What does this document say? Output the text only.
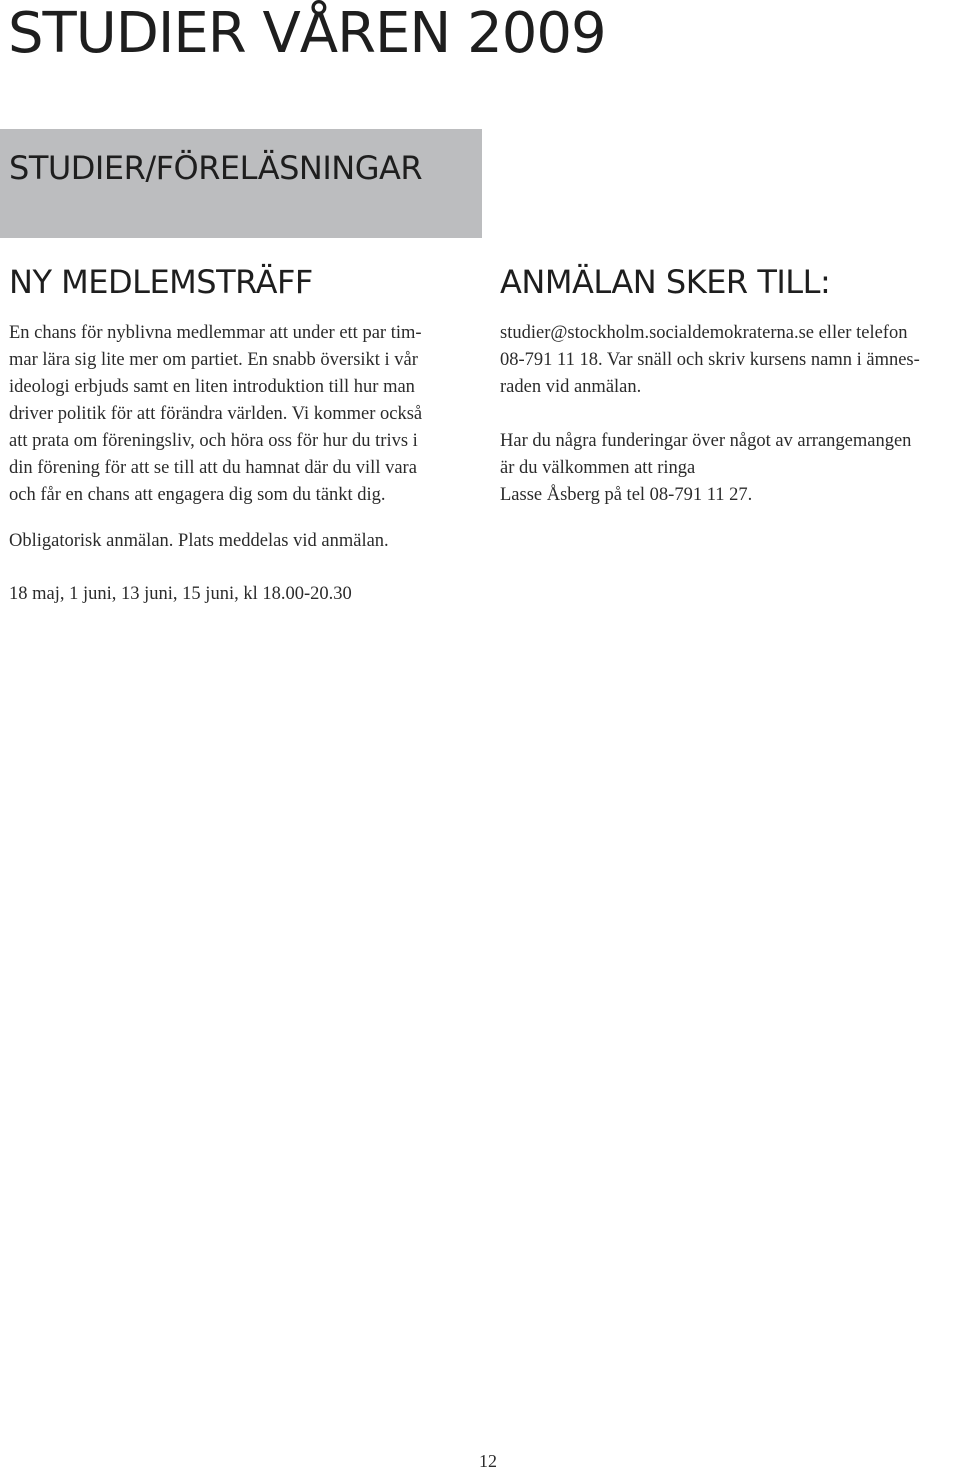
STUDIER VÅREN 2009
STUDIER/FÖRELÄSNINGAR
NY MEDLEMSTRÄFF	ANMÄLAN SKER TILL:

En chans för nyblivna medlemmar att under ett par tim-
mar lära sig lite mer om partiet. En snabb översikt i vår
ideologi erbjuds samt en liten introduktion till hur man
driver politik för att förändra världen. Vi kommer också
att prata om föreningsliv, och höra oss för hur du trivs i
din förening för att se till att du hamnat där du vill vara
och får en chans att engagera dig som du tänkt dig.

Obligatorisk anmälan. Plats meddelas vid anmälan.

18 maj, 1 juni, 13 juni, 15 juni, kl 18.00-20.30

studier@stockholm.socialdemokraterna.se eller telefon
08-791 11 18. Var snäll och skriv kursens namn i ämnes-
raden vid anmälan.

Har du några funderingar över något av arrangemangen
är du välkommen att ringa
Lasse Åsberg på tel 08-791 11 27.

12
